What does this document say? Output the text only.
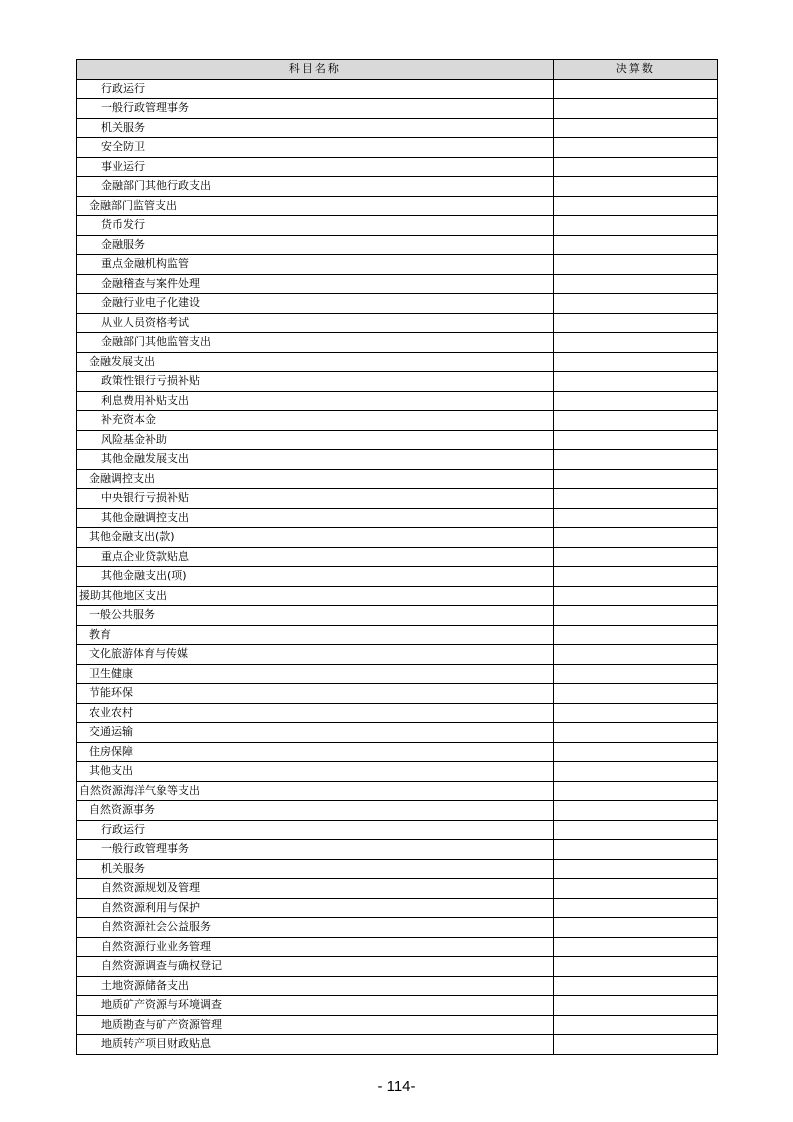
科目名称	决算数
行政运行	
一般行政管理事务	
机关服务	
安全防卫	
事业运行	
金融部门其他行政支出	
金融部门监管支出	
货币发行	
金融服务	
重点金融机构监管	
金融稽查与案件处理	
金融行业电子化建设	
从业人员资格考试	
金融部门其他监管支出	
金融发展支出	
政策性银行亏损补贴	
利息费用补贴支出	
补充资本金	
风险基金补助	
其他金融发展支出	
金融调控支出	
中央银行亏损补贴	
其他金融调控支出	
其他金融支出(款)	
重点企业贷款贴息	
其他金融支出(项)	
援助其他地区支出	
一般公共服务	
教育	
文化旅游体育与传媒	
卫生健康	
节能环保	
农业农村	
交通运输	
住房保障	
其他支出	
自然资源海洋气象等支出	
自然资源事务	
行政运行	
一般行政管理事务	
机关服务	
自然资源规划及管理	
自然资源利用与保护	
自然资源社会公益服务	
自然资源行业业务管理	
自然资源调查与确权登记	
土地资源储备支出	
地质矿产资源与环境调查	
地质勘查与矿产资源管理	
地质转产项目财政贴息	
- 114-
